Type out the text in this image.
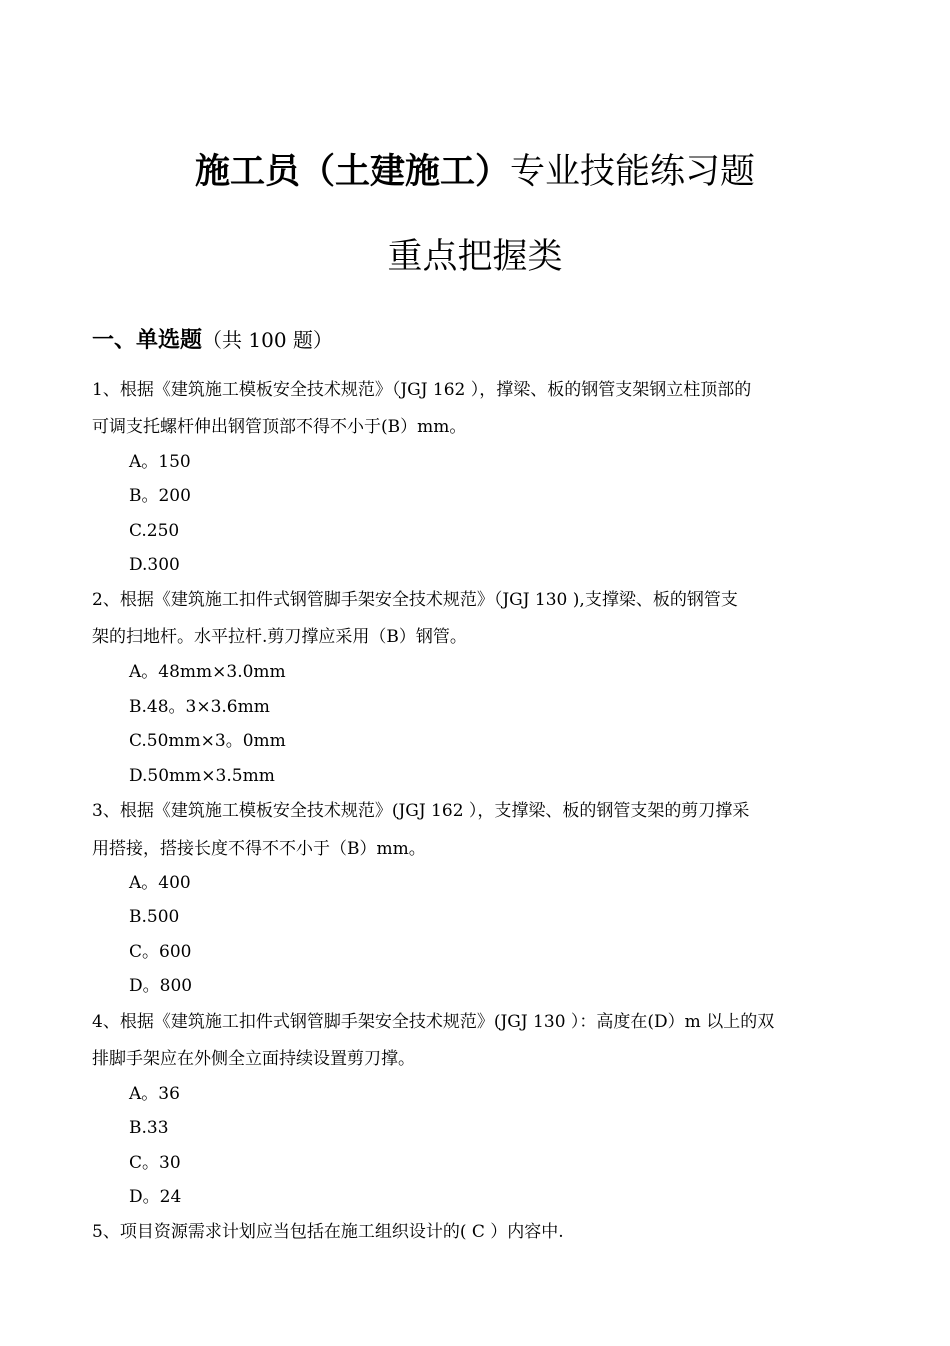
施工员（土建施工）专业技能练习题
重点把握类
一、单选题（共 100 题）
1、根据《建筑施工模板安全技术规范》（JGJ 162 ），撑梁、板的钢管支架钢立柱顶部的
可调支托螺杆伸出钢管顶部不得不小于(B）mm。
A。150
B。200
C.250
D.300
2、根据《建筑施工扣件式钢管脚手架安全技术规范》（JGJ 130 ),支撑梁、板的钢管支
架的扫地杆。水平拉杆.剪刀撑应采用（B）钢管。
A。48mm×3.0mm
B.48。3×3.6mm
C.50mm×3。0mm
D.50mm×3.5mm
3、根据《建筑施工模板安全技术规范》(JGJ 162 ），支撑梁、板的钢管支架的剪刀撑采
用搭接，搭接长度不得不不小于（B）mm。
A。400
B.500
C。600
D。800
4、根据《建筑施工扣件式钢管脚手架安全技术规范》(JGJ 130 ）：高度在(D）m 以上的双
排脚手架应在外侧全立面持续设置剪刀撑。
A。36
B.33
C。30
D。24
5、项目资源需求计划应当包括在施工组织设计的( C ）内容中.
